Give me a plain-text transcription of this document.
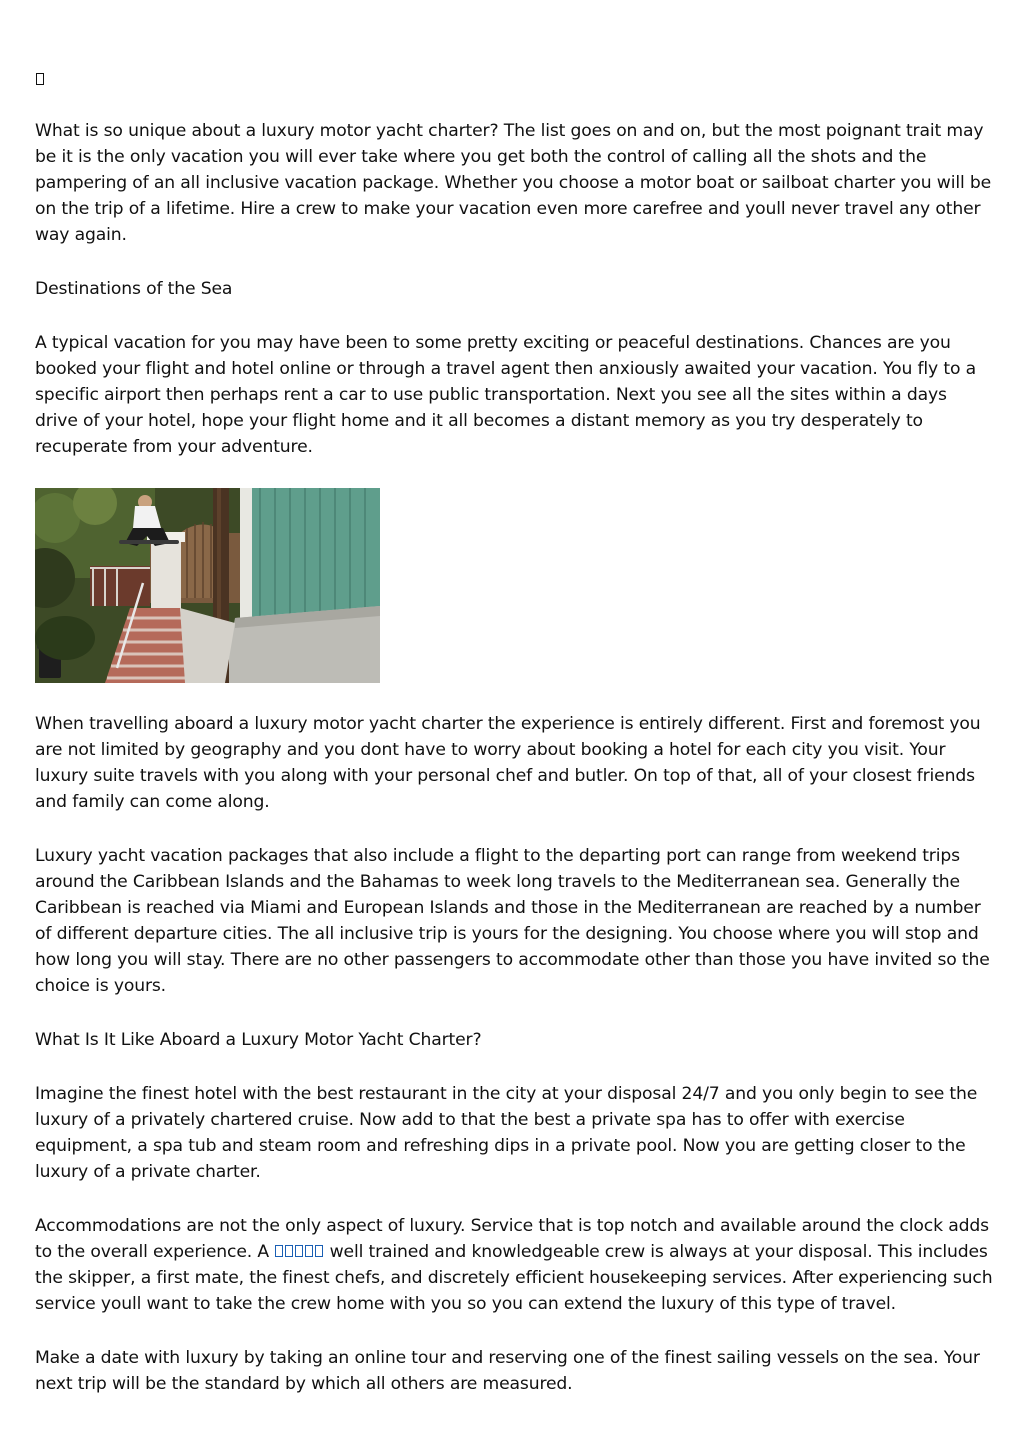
What is so unique about a luxury motor yacht charter? The list goes on and on, but the most poignant trait may be it is the only vacation you will ever take where you get both the control of calling all the shots and the pampering of an all inclusive vacation package. Whether you choose a motor boat or sailboat charter you will be on the trip of a lifetime. Hire a crew to make your vacation even more carefree and youll never travel any other way again.

Destinations of the Sea

A typical vacation for you may have been to some pretty exciting or peaceful destinations. Chances are you booked your flight and hotel online or through a travel agent then anxiously awaited your vacation. You fly to a specific airport then perhaps rent a car to use public transportation. Next you see all the sites within a days drive of your hotel, hope your flight home and it all becomes a distant memory as you try desperately to recuperate from your adventure.

When travelling aboard a luxury motor yacht charter the experience is entirely different. First and foremost you are not limited by geography and you dont have to worry about booking a hotel for each city you visit. Your luxury suite travels with you along with your personal chef and butler. On top of that, all of your closest friends and family can come along.

Luxury yacht vacation packages that also include a flight to the departing port can range from weekend trips around the Caribbean Islands and the Bahamas to week long travels to the Mediterranean sea. Generally the Caribbean is reached via Miami and European Islands and those in the Mediterranean are reached by a number of different departure cities. The all inclusive trip is yours for the designing. You choose where you will stop and how long you will stay. There are no other passengers to accommodate other than those you have invited so the choice is yours.

What Is It Like Aboard a Luxury Motor Yacht Charter?

Imagine the finest hotel with the best restaurant in the city at your disposal 24/7 and you only begin to see the luxury of a privately chartered cruise. Now add to that the best a private spa has to offer with exercise equipment, a spa tub and steam room and refreshing dips in a private pool. Now you are getting closer to the luxury of a private charter.

Accommodations are not the only aspect of luxury. Service that is top notch and available around the clock adds to the overall experience. A	well trained and knowledgeable crew is always at your disposal. This includes the skipper, a first mate, the finest chefs, and discretely efficient housekeeping services. After experiencing such service youll want to take the crew home with you so you can extend the luxury of this type of travel.

Make a date with luxury by taking an online tour and reserving one of the finest sailing vessels on the sea. Your next trip will be the standard by which all others are measured.
